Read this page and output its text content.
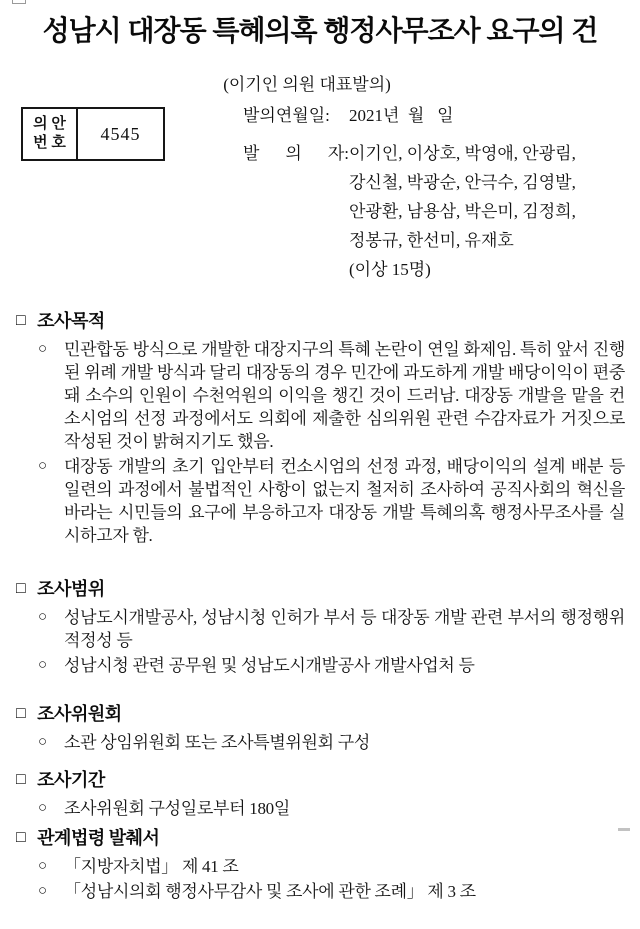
성남시 대장동 특혜의혹 행정사무조사 요구의 건
(이기인 의원 대표발의)
의 안
번 호	4545
발의연월일:	2021년  월   일
발 의 자: 이기인, 이상호, 박영애, 안광림,
강신철, 박광순, 안극수, 김영발,
안광환, 남용삼, 박은미, 김정희,
정봉규, 한선미, 유재호
(이상 15명)
□ 조사목적
○ 민관합동 방식으로 개발한 대장지구의 특혜 논란이 연일 화제임. 특히 앞서 진행된 위례 개발 방식과 달리 대장동의 경우 민간에 과도하게 개발 배당이익이 편중돼 소수의 인원이 수천억원의 이익을 챙긴 것이 드러남. 대장동 개발을 맡을 컨소시엄의 선정 과정에서도 의회에 제출한 심의위원 관련 수감자료가 거짓으로 작성된 것이 밝혀지기도 했음.
○ 대장동 개발의 초기 입안부터 컨소시엄의 선정 과정, 배당이익의 설계 배분 등 일련의 과정에서 불법적인 사항이 없는지 철저히 조사하여 공직사회의 혁신을 바라는 시민들의 요구에 부응하고자 대장동 개발 특혜의혹 행정사무조사를 실시하고자 함.
□ 조사범위
○ 성남도시개발공사, 성남시청 인허가 부서 등 대장동 개발 관련 부서의 행정행위 적정성 등
○ 성남시청 관련 공무원 및 성남도시개발공사 개발사업처 등
□ 조사위원회
○ 소관 상임위원회 또는 조사특별위원회 구성
□ 조사기간
○ 조사위원회 구성일로부터 180일
□ 관계법령 발췌서
○ 「지방자치법」 제 41 조
○ 「성남시의회 행정사무감사 및 조사에 관한 조례」 제 3 조
